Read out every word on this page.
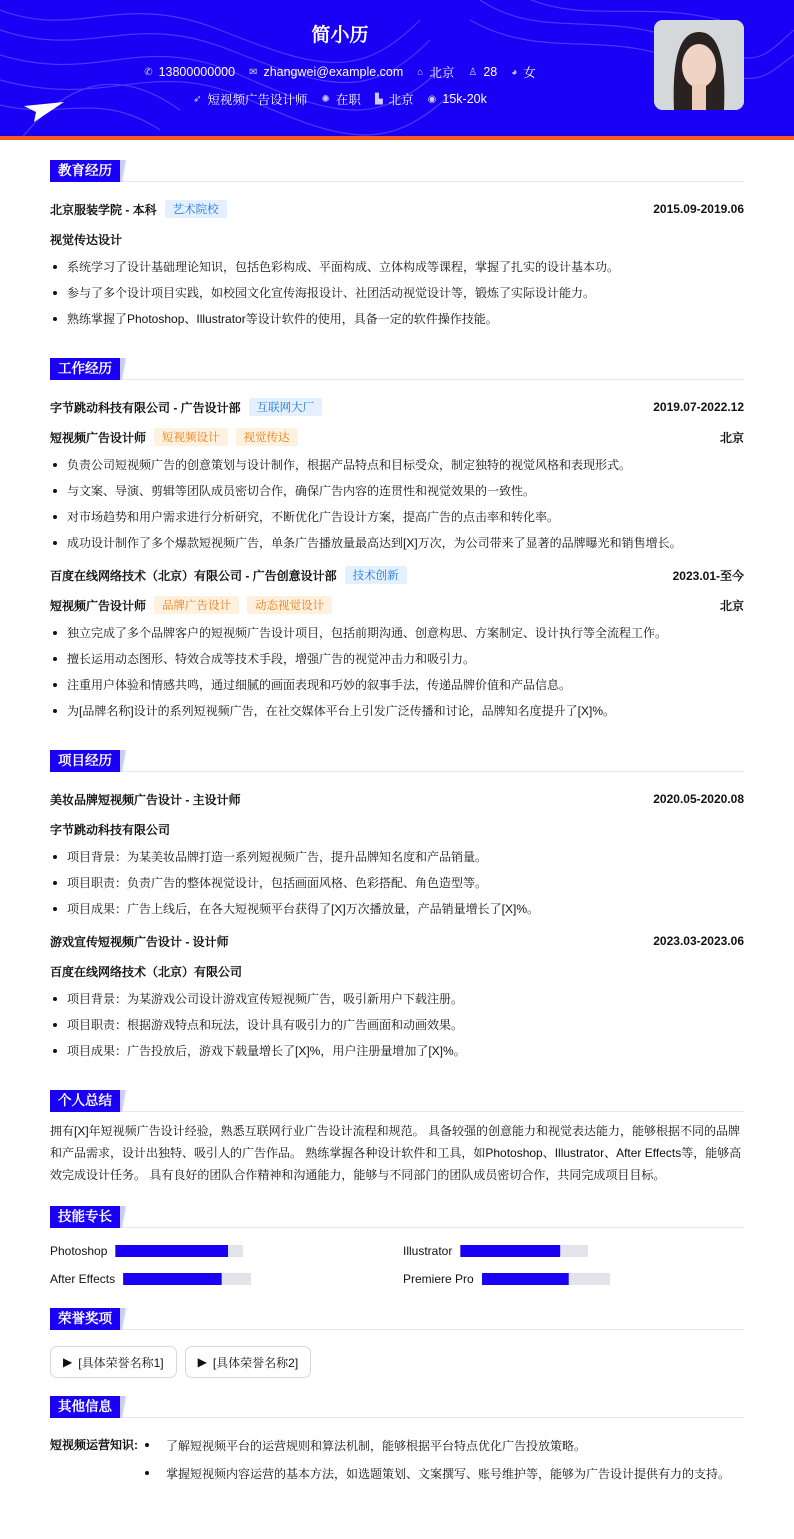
简小历
✆ 13800000000 ✉ zhangwei@example.com ⌂ 北京 ♙ 28 ◕ 女
➶ 短视频广告设计师 ✺ 在职 ▙ 北京 ◉ 15k-20k
教育经历
北京服装学院 - 本科	艺术院校	2015.09-2019.06
视觉传达设计
系统学习了设计基础理论知识，包括色彩构成、平面构成、立体构成等课程，掌握了扎实的设计基本功。
参与了多个设计项目实践，如校园文化宣传海报设计、社团活动视觉设计等，锻炼了实际设计能力。
熟练掌握了Photoshop、Illustrator等设计软件的使用，具备一定的软件操作技能。
工作经历
字节跳动科技有限公司 - 广告设计部	互联网大厂	2019.07-2022.12
短视频广告设计师	短视频设计	视觉传达	北京
负责公司短视频广告的创意策划与设计制作，根据产品特点和目标受众，制定独特的视觉风格和表现形式。
与文案、导演、剪辑等团队成员密切合作，确保广告内容的连贯性和视觉效果的一致性。
对市场趋势和用户需求进行分析研究，不断优化广告设计方案，提高广告的点击率和转化率。
成功设计制作了多个爆款短视频广告，单条广告播放量最高达到[X]万次，为公司带来了显著的品牌曝光和销售增长。
百度在线网络技术（北京）有限公司 - 广告创意设计部	技术创新	2023.01-至今
短视频广告设计师	品牌广告设计	动态视觉设计	北京
独立完成了多个品牌客户的短视频广告设计项目，包括前期沟通、创意构思、方案制定、设计执行等全流程工作。
擅长运用动态图形、特效合成等技术手段，增强广告的视觉冲击力和吸引力。
注重用户体验和情感共鸣，通过细腻的画面表现和巧妙的叙事手法，传递品牌价值和产品信息。
为[品牌名称]设计的系列短视频广告，在社交媒体平台上引发广泛传播和讨论，品牌知名度提升了[X]%。
项目经历
美妆品牌短视频广告设计 - 主设计师	2020.05-2020.08
字节跳动科技有限公司
项目背景：为某美妆品牌打造一系列短视频广告，提升品牌知名度和产品销量。
项目职责：负责广告的整体视觉设计，包括画面风格、色彩搭配、角色造型等。
项目成果：广告上线后，在各大短视频平台获得了[X]万次播放量，产品销量增长了[X]%。
游戏宣传短视频广告设计 - 设计师	2023.03-2023.06
百度在线网络技术（北京）有限公司
项目背景：为某游戏公司设计游戏宣传短视频广告，吸引新用户下载注册。
项目职责：根据游戏特点和玩法，设计具有吸引力的广告画面和动画效果。
项目成果：广告投放后，游戏下载量增长了[X]%，用户注册量增加了[X]%。
个人总结

拥有[X]年短视频广告设计经验，熟悉互联网行业广告设计流程和规范。 具备较强的创意能力和视觉表达能力，能够根据不同的品牌和产品需求，设计出独特、吸引人的广告作品。 熟练掌握各种设计软件和工具，如Photoshop、Illustrator、After Effects等，能够高效完成设计任务。 具有良好的团队合作精神和沟通能力，能够与不同部门的团队成员密切合作，共同完成项目目标。

技能专长
Photoshop	Illustrator
After Effects	Premiere Pro
荣誉奖项
▶ [具体荣誉名称1]	▶ [具体荣誉名称2]
其他信息
短视频运营知识:	了解短视频平台的运营规则和算法机制，能够根据平台特点优化广告投放策略。
掌握短视频内容运营的基本方法，如选题策划、文案撰写、账号维护等，能够为广告设计提供有力的支持。
